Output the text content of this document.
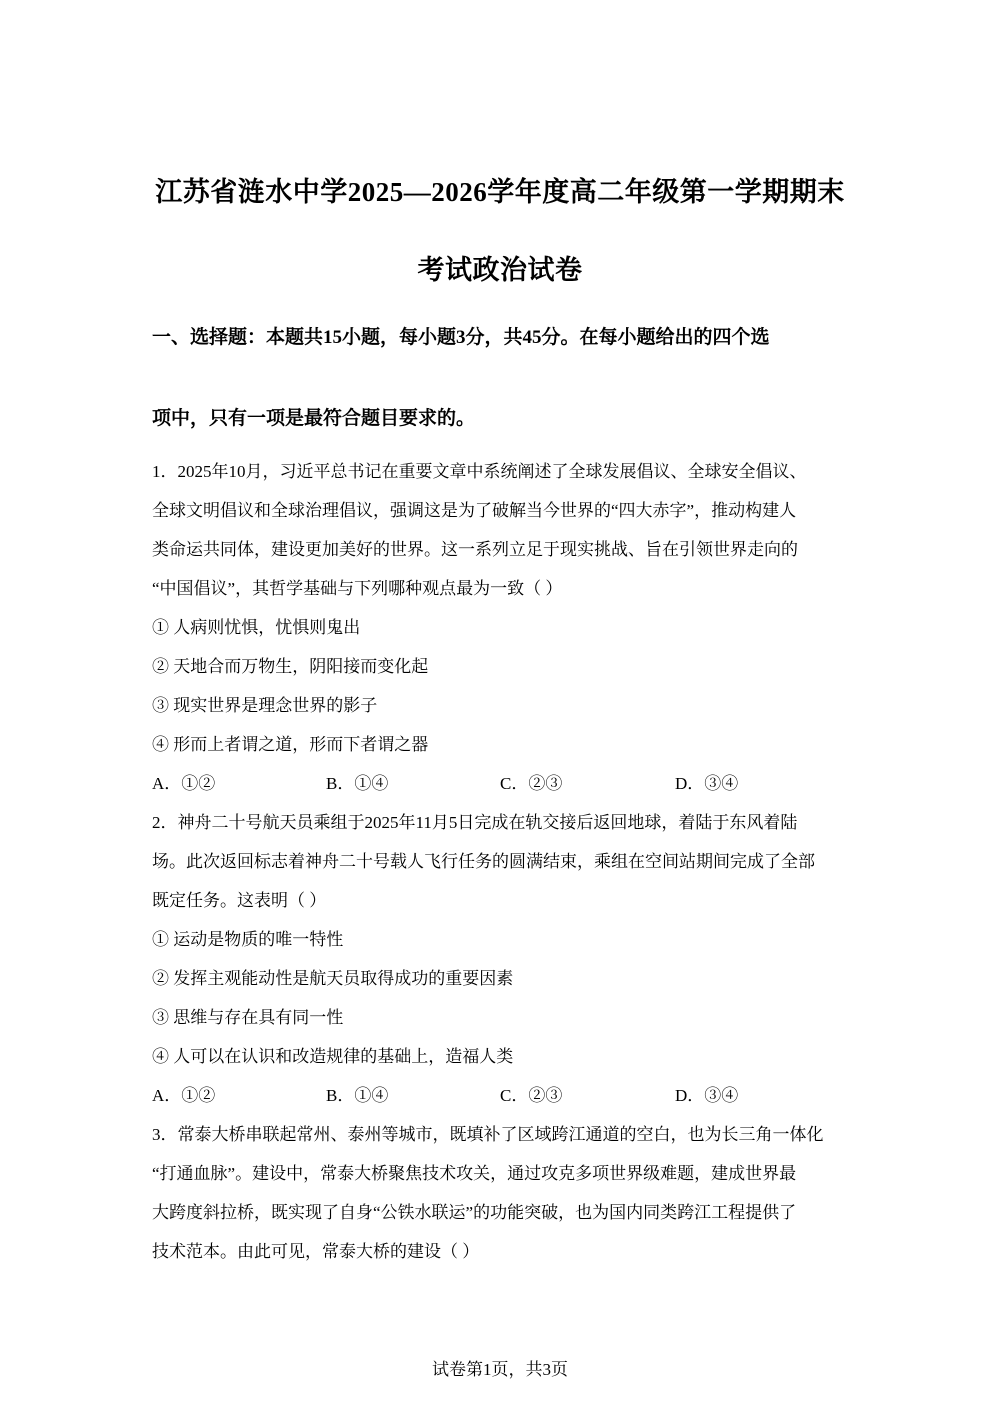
江苏省涟水中学2025—2026学年度高二年级第一学期期末
考试政治试卷
一、选择题：本题共15小题，每小题3分，共45分。在每小题给出的四个选
项中，只有一项是最符合题目要求的。
1．2025年10月，习近平总书记在重要文章中系统阐述了全球发展倡议、全球安全倡议、
全球文明倡议和全球治理倡议，强调这是为了破解当今世界的“四大赤字”，推动构建人
类命运共同体，建设更加美好的世界。这一系列立足于现实挑战、旨在引领世界走向的
“中国倡议”，其哲学基础与下列哪种观点最为一致（ ）
① 人病则忧惧，忧惧则鬼出
② 天地合而万物生，阴阳接而变化起
③ 现实世界是理念世界的影子
④ 形而上者谓之道，形而下者谓之器
A．①②	B．①④	C．②③	D．③④
2．神舟二十号航天员乘组于2025年11月5日完成在轨交接后返回地球，着陆于东风着陆
场。此次返回标志着神舟二十号载人飞行任务的圆满结束，乘组在空间站期间完成了全部
既定任务。这表明（ ）
① 运动是物质的唯一特性
② 发挥主观能动性是航天员取得成功的重要因素
③ 思维与存在具有同一性
④ 人可以在认识和改造规律的基础上，造福人类
A．①②	B．①④	C．②③	D．③④
3．常泰大桥串联起常州、泰州等城市，既填补了区域跨江通道的空白，也为长三角一体化
“打通血脉”。建设中，常泰大桥聚焦技术攻关，通过攻克多项世界级难题，建成世界最
大跨度斜拉桥，既实现了自身“公铁水联运”的功能突破，也为国内同类跨江工程提供了
技术范本。由此可见，常泰大桥的建设（ ）
试卷第1页，共3页
